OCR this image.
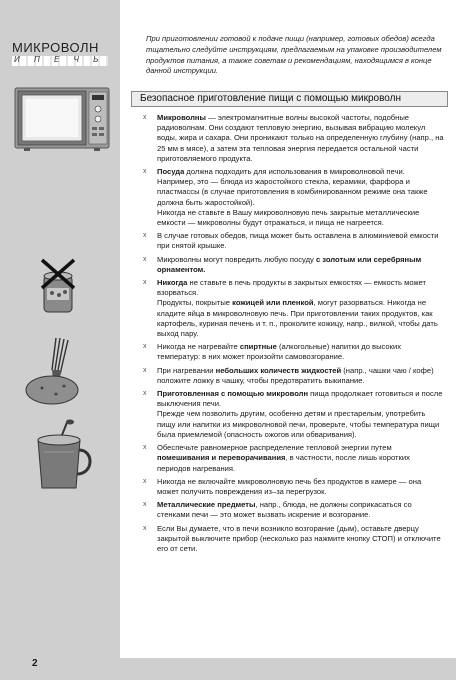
МИКРОВОЛН
И П Е Ч Ь
При приготовлении готовой к подаче пищи (например, готовых обедов) всегда тщательно следуйте инструкциям, предлагаемым на упаковке производителем продуктов питания, а также советам и рекомендациям, находящимся в конце данной инструкции.
Безопасное приготовление пищи с помощью микроволн
x Микроволны — электромагнитные волны высокой частоты, подобные радиоволнам. Они создают тепловую энергию, вызывая вибрацию молекул воды, жира и сахара. Они проникают только на определенную глубину (напр., на 25 мм в мясе), а затем эта тепловая энергия передается остальной части приготовляемого продукта.

x Посуда должна подходить для использования в микроволновой печи.

Например, это — блюда из жаростойкого стекла, керамики, фарфора и пластмассы (в случае приготовления в комбинированном режиме она также должна быть жаростойкой).

Никогда не ставьте в Вашу микроволновую печь закрытые металлические емкости — микроволны будут отражаться, и пища не нагреется.

x В случае готовых обедов, пища может быть оставлена в алюминиевой емкости при снятой крышке.

x Микроволны могут повредить любую посуду с золотым или серебряным орнаментом.

x Никогда не ставьте в печь продукты в закрытых емкостях — емкость может взорваться.

Продукты, покрытые кожицей или пленкой, могут разорваться. Никогда не кладите яйца в микроволновую печь. При приготовлении таких продуктов, как картофель, куриная печень и т. п., проколите кожицу, напр., вилкой, чтобы дать выход пару.

x Никогда не нагревайте спиртные (алкогольные) напитки до высоких температур: в них может произойти самовозгорание.

x При нагревании небольших количеств жидкостей (напр., чашки чаю / кофе) положите ложку в чашку, чтобы предотвратить выкипание.

x Приготовленная с помощью микроволн пища продолжает готовиться и после выключения печи.

Прежде чем позволить другим, особенно детям и престарелым, употребить пищу или напитки из микроволновой печи, проверьте, чтобы температура пищи была приемлемой (опасность ожогов или обваривания).

x Обеспечьте равномерное распределение тепловой энергии путем помешивания и переворачивания, в частности, после лишь коротких периодов нагревания.

x Никогда не включайте микроволновую печь без продуктов в камере — она может получить повреждения из–за перегрузок.

x Металлические предметы, напр., блюда, не должны соприкасаться со стенками печи — это может вызвать искрение и возгорание.

x Если Вы думаете, что в печи возникло возгорание (дым), оставьте дверцу закрытой выключите прибор (несколько раз нажмите кнопку СТОП) и отключите его от сети.

2
